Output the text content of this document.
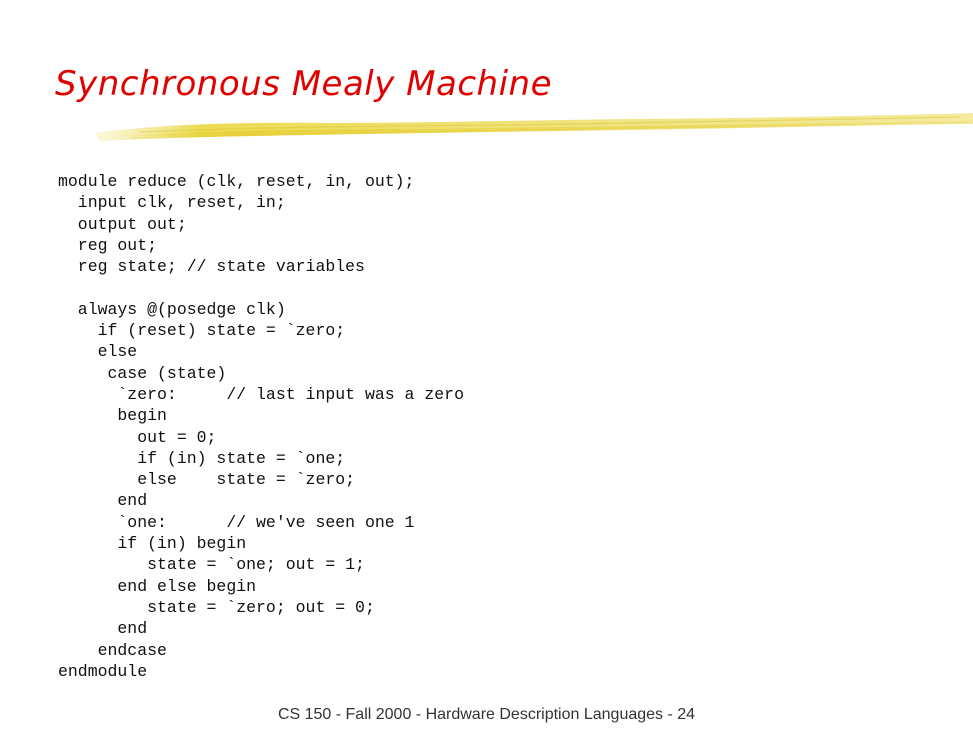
Synchronous Mealy Machine
module reduce (clk, reset, in, out);
input clk, reset, in;
output out;
reg out;
reg state; // state variables

always @(posedge clk)
if (reset) state = `zero;
else
case (state)
`zero:     // last input was a zero
begin
out = 0;
if (in) state = `one;
else    state = `zero;
end
`one:      // we've seen one 1
if (in) begin
state = `one; out = 1;
end else begin
state = `zero; out = 0;
end
endcase
endmodule
CS 150 - Fall 2000 - Hardware Description Languages - 24
